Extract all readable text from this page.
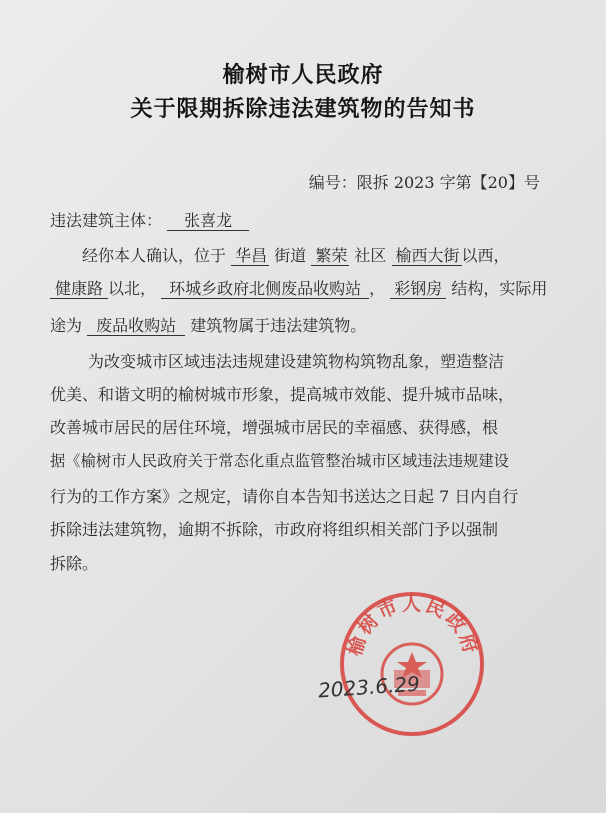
榆树市人民政府
关于限期拆除违法建筑物的告知书
编号：限拆 2023 字第【20】号
违法建筑主体： 张喜龙
经你本人确认，位于 华昌 街道 繁荣 社区 榆西大街 以西，
健康路 以北， 环城乡政府北侧废品收购站 ， 彩钢房 结构，实际用
途为 废品收购站 建筑物属于违法建筑物。
为改变城市区域违法违规建设建筑物构筑物乱象，塑造整洁
优美、和谐文明的榆树城市形象，提高城市效能、提升城市品味，
改善城市居民的居住环境，增强城市居民的幸福感、获得感，根
据《榆树市人民政府关于常态化重点监管整治城市区域违法违规建设
行为的工作方案》之规定，请你自本告知书送达之日起 7 日内自行
拆除违法建筑物，逾期不拆除，市政府将组织相关部门予以强制
拆除。
榆树市人民政府
2023.6.29
